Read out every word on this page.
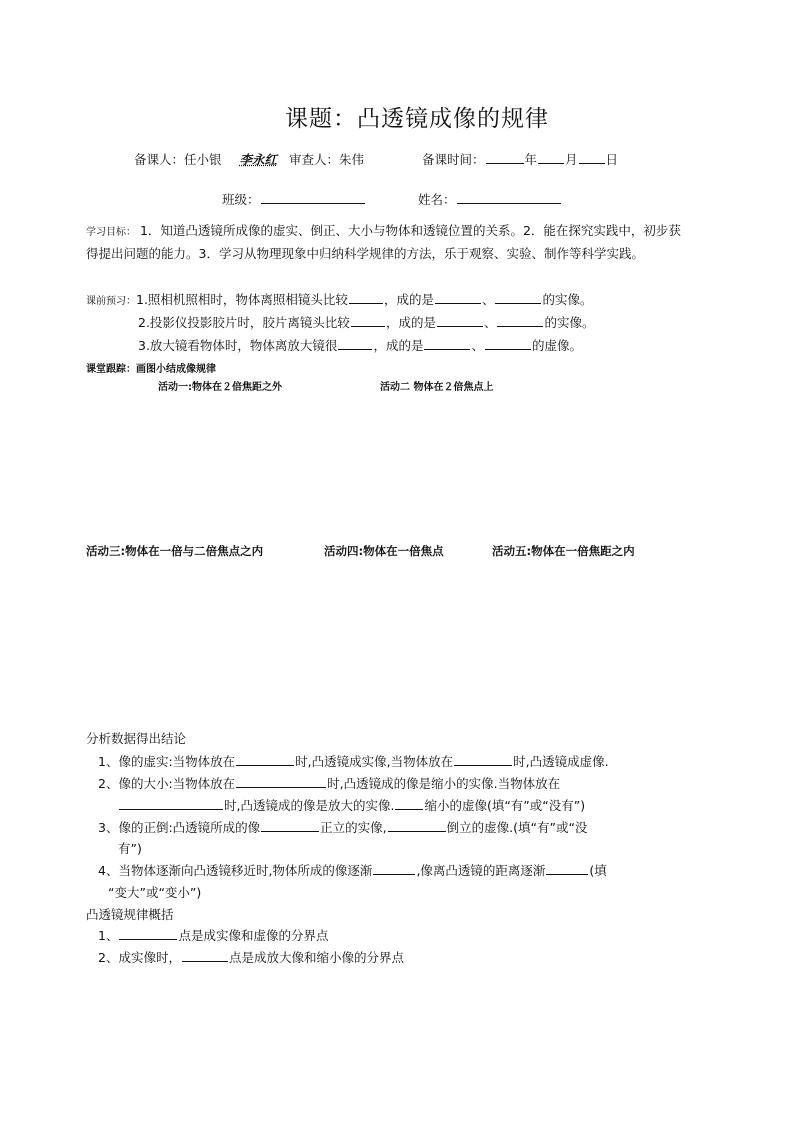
课题：凸透镜成像的规律
备课人：任小银 李永红 审查人：朱伟	备课时间：	年 月 日
班级：	姓名：
学习目标： 1．知道凸透镜所成像的虚实、倒正、大小与物体和透镜位置的关系。2．能在探究实践中，初步获得提出问题的能力。3．学习从物理现象中归纳科学规律的方法，乐于观察、实验、制作等科学实践。
课前预习：1.照相机照相时，物体离照相镜头比较	，成的是	、	的实像。
2.投影仪投影胶片时，胶片离镜头比较	，成的是	、	的实像。
3.放大镜看物体时，物体离放大镜很	，成的是	、	的虚像。
课堂跟踪：画图小结成像规律
活动一:物体在２倍焦距之外	活动二 物体在２倍焦点上
活动三:物体在一倍与二倍焦点之内	活动四:物体在一倍焦点	活动五:物体在一倍焦距之内
分析数据得出结论
1、像的虚实:当物体放在	时,凸透镜成实像,当物体放在	时,凸透镜成虚像.
2、像的大小:当物体放在	时,凸透镜成的像是缩小的实像.当物体放在
时,凸透镜成的像是放大的实像. 缩小的虚像(填“有”或“没有”)
3、像的正倒:凸透镜所成的像	正立的实像,	倒立的虚像.(填“有”或“没
有”)
4、当物体逐渐向凸透镜移近时,物体所成的像逐渐	,像离凸透镜的距离逐渐	(填
“变大”或“变小”)
凸透镜规律概括
1、	点是成实像和虚像的分界点
2、成实像时，	点是成放大像和缩小像的分界点
